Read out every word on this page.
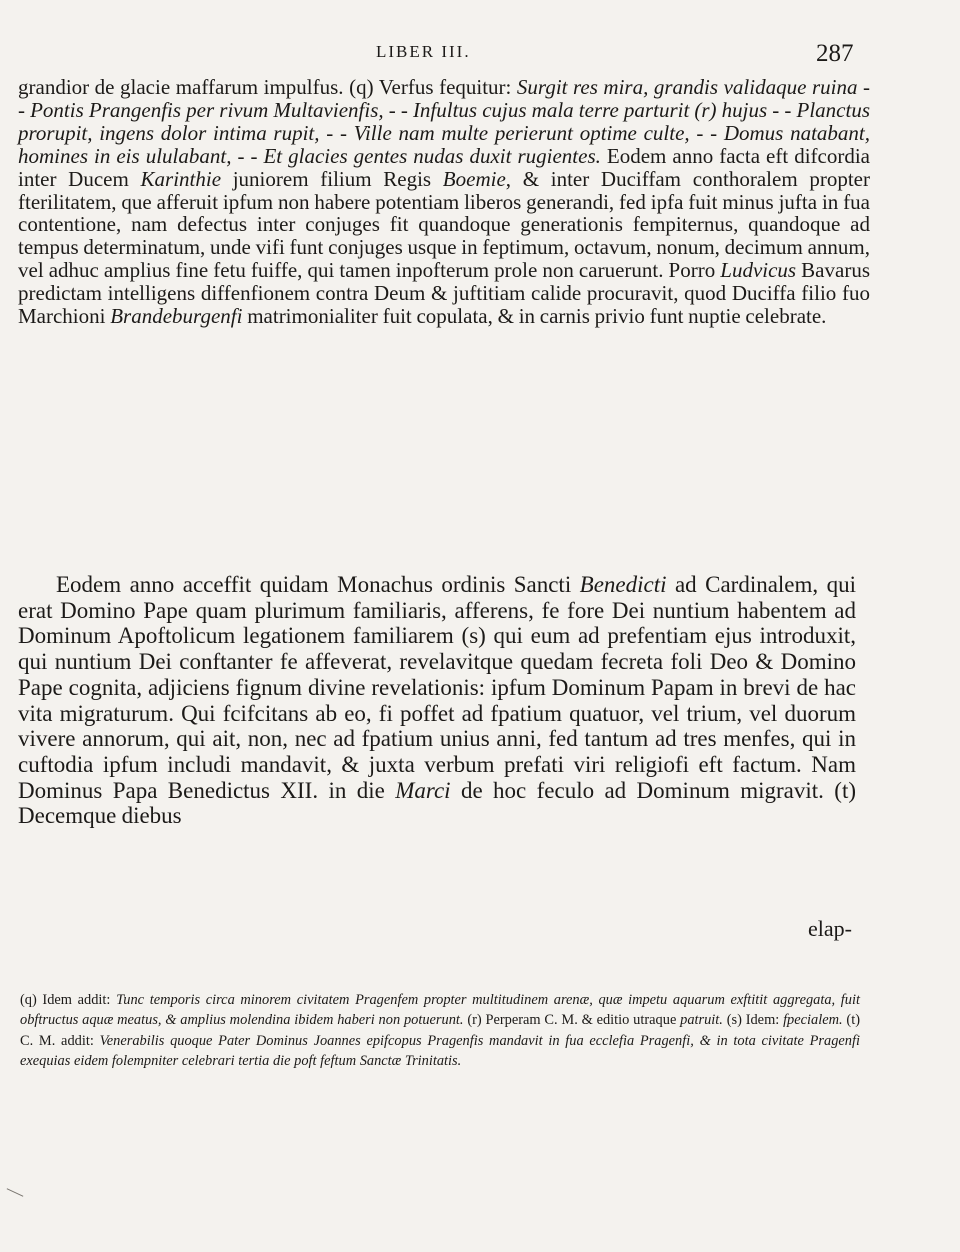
LIBER III.	287

grandior de glacie maffarum impulfus. (q) Verfus fequitur: Surgit res mira, grandis validaque ruina - - Pontis Prangenfis per rivum Multavienfis, - - Infultus cujus mala terre parturit (r) hujus - - Planctus prorupit, ingens dolor intima rupit, - - Ville nam multe perierunt optime culte, - - Domus natabant, homines in eis ululabant, - - Et glacies gentes nudas duxit rugientes. Eodem anno facta eft difcordia inter Ducem Karinthie juniorem filium Regis Boemie, & inter Duciffam conthoralem propter fterilitatem, que afferuit ipfum non habere potentiam liberos generandi, fed ipfa fuit minus jufta in fua contentione, nam defectus inter conjuges fit quandoque generationis fempiternus, quandoque ad tempus determinatum, unde vifi funt conjuges usque in feptimum, octavum, nonum, decimum annum, vel adhuc amplius fine fetu fuiffe, qui tamen inpofterum prole non caruerunt. Porro Ludvicus Bavarus predictam intelligens diffenfionem contra Deum & juftitiam calide procuravit, quod Duciffa filio fuo Marchioni Brandeburgenfi matrimonialiter fuit copulata, & in carnis privio funt nuptie celebrate.

Eodem anno acceffit quidam Monachus ordinis Sancti Benedicti ad Cardinalem, qui erat Domino Pape quam plurimum familiaris, afferens, fe fore Dei nuntium habentem ad Dominum Apoftolicum legationem familiarem (s) qui eum ad prefentiam ejus introduxit, qui nuntium Dei conftanter fe affeverat, revelavitque quedam fecreta foli Deo & Domino Pape cognita, adjiciens fignum divine revelationis: ipfum Dominum Papam in brevi de hac vita migraturum. Qui fcifcitans ab eo, fi poffet ad fpatium quatuor, vel trium, vel duorum vivere annorum, qui ait, non, nec ad fpatium unius anni, fed tantum ad tres menfes, qui in cuftodia ipfum includi mandavit, & juxta verbum prefati viri religiofi eft factum. Nam Dominus Papa Benedictus XII. in die Marci de hoc feculo ad Dominum migravit. (t) Decemque diebus

elap-
(q) Idem addit: Tunc temporis circa minorem civitatem Pragenfem propter multitudinem arenæ, quæ impetu aquarum exftitit aggregata, fuit obftructus aquæ meatus, & amplius molendina ibidem haberi non potuerunt. (r) Perperam C. M. & editio utraque patruit. (s) Idem: fpecialem. (t) C. M. addit: Venerabilis quoque Pater Dominus Joannes epifcopus Pragenfis mandavit in fua ecclefia Pragenfi, & in tota civitate Pragenfi exequias eidem folempniter celebrari tertia die poft feftum Sanctæ Trinitatis.
